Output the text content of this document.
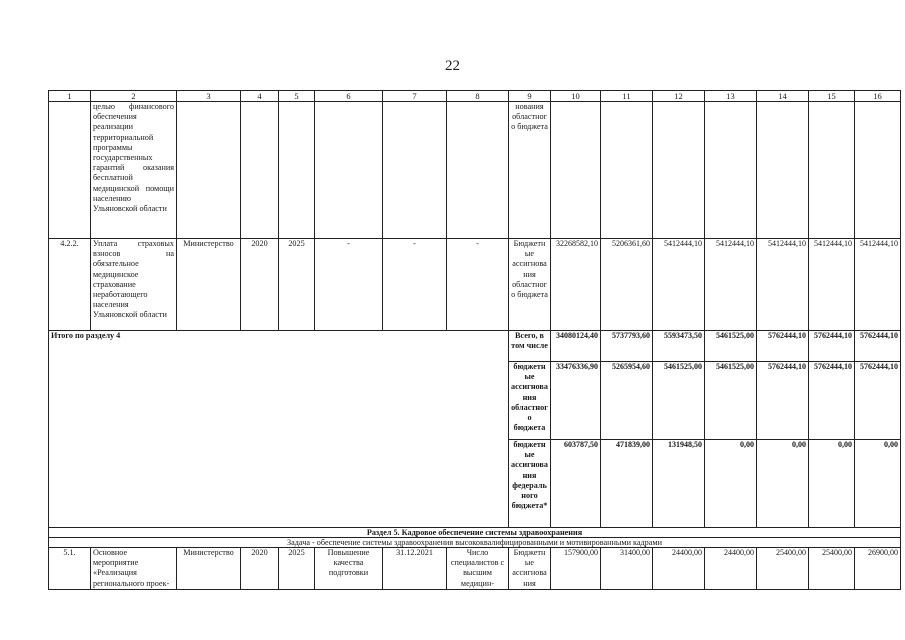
22
1	2	3	4	5	6	7	8	9	10	11	12	13	14	15	16
	целью финансового обеспечения реализации территориальной программы государственных гарантий оказания бесплатной медицинской помощи населению Ульяновской области							нования областного бюджета							
4.2.2.	Уплата страховых взносов на обязательное медицинское страхование неработающего населения Ульяновской области	Министерство	2020	2025	-	-	-	Бюджетные ассигнования областного бюджета	32268582,10	5206361,60	5412444,10	5412444,10	5412444,10	5412444,10	5412444,10
Итого по разделу 4								Всего, в том числе	34080124,40	5737793,60	5593473,50	5461525,00	5762444,10	5762444,10	5762444,10
								бюджетные ассигнования областного бюджета	33476336,90	5265954,60	5461525,00	5461525,00	5762444,10	5762444,10	5762444,10
								бюджетные ассигнования федерального бюджета*	603787,50	471839,00	131948,50	0,00	0,00	0,00	0,00
Раздел 5. Кадровое обеспечение системы здравоохранения															
Задача - обеспечение системы здравоохранения высококвалифицированными и мотивированными кадрами															
5.1.	Основное мероприятие «Реализация регионального проек-	Министерство	2020	2025	Повышение качества подготовки	31.12.2021	Число специалистов с высшим медицин-	Бюджетные ассигнования	157900,00	31400,00	24400,00	24400,00	25400,00	25400,00	26900,00
